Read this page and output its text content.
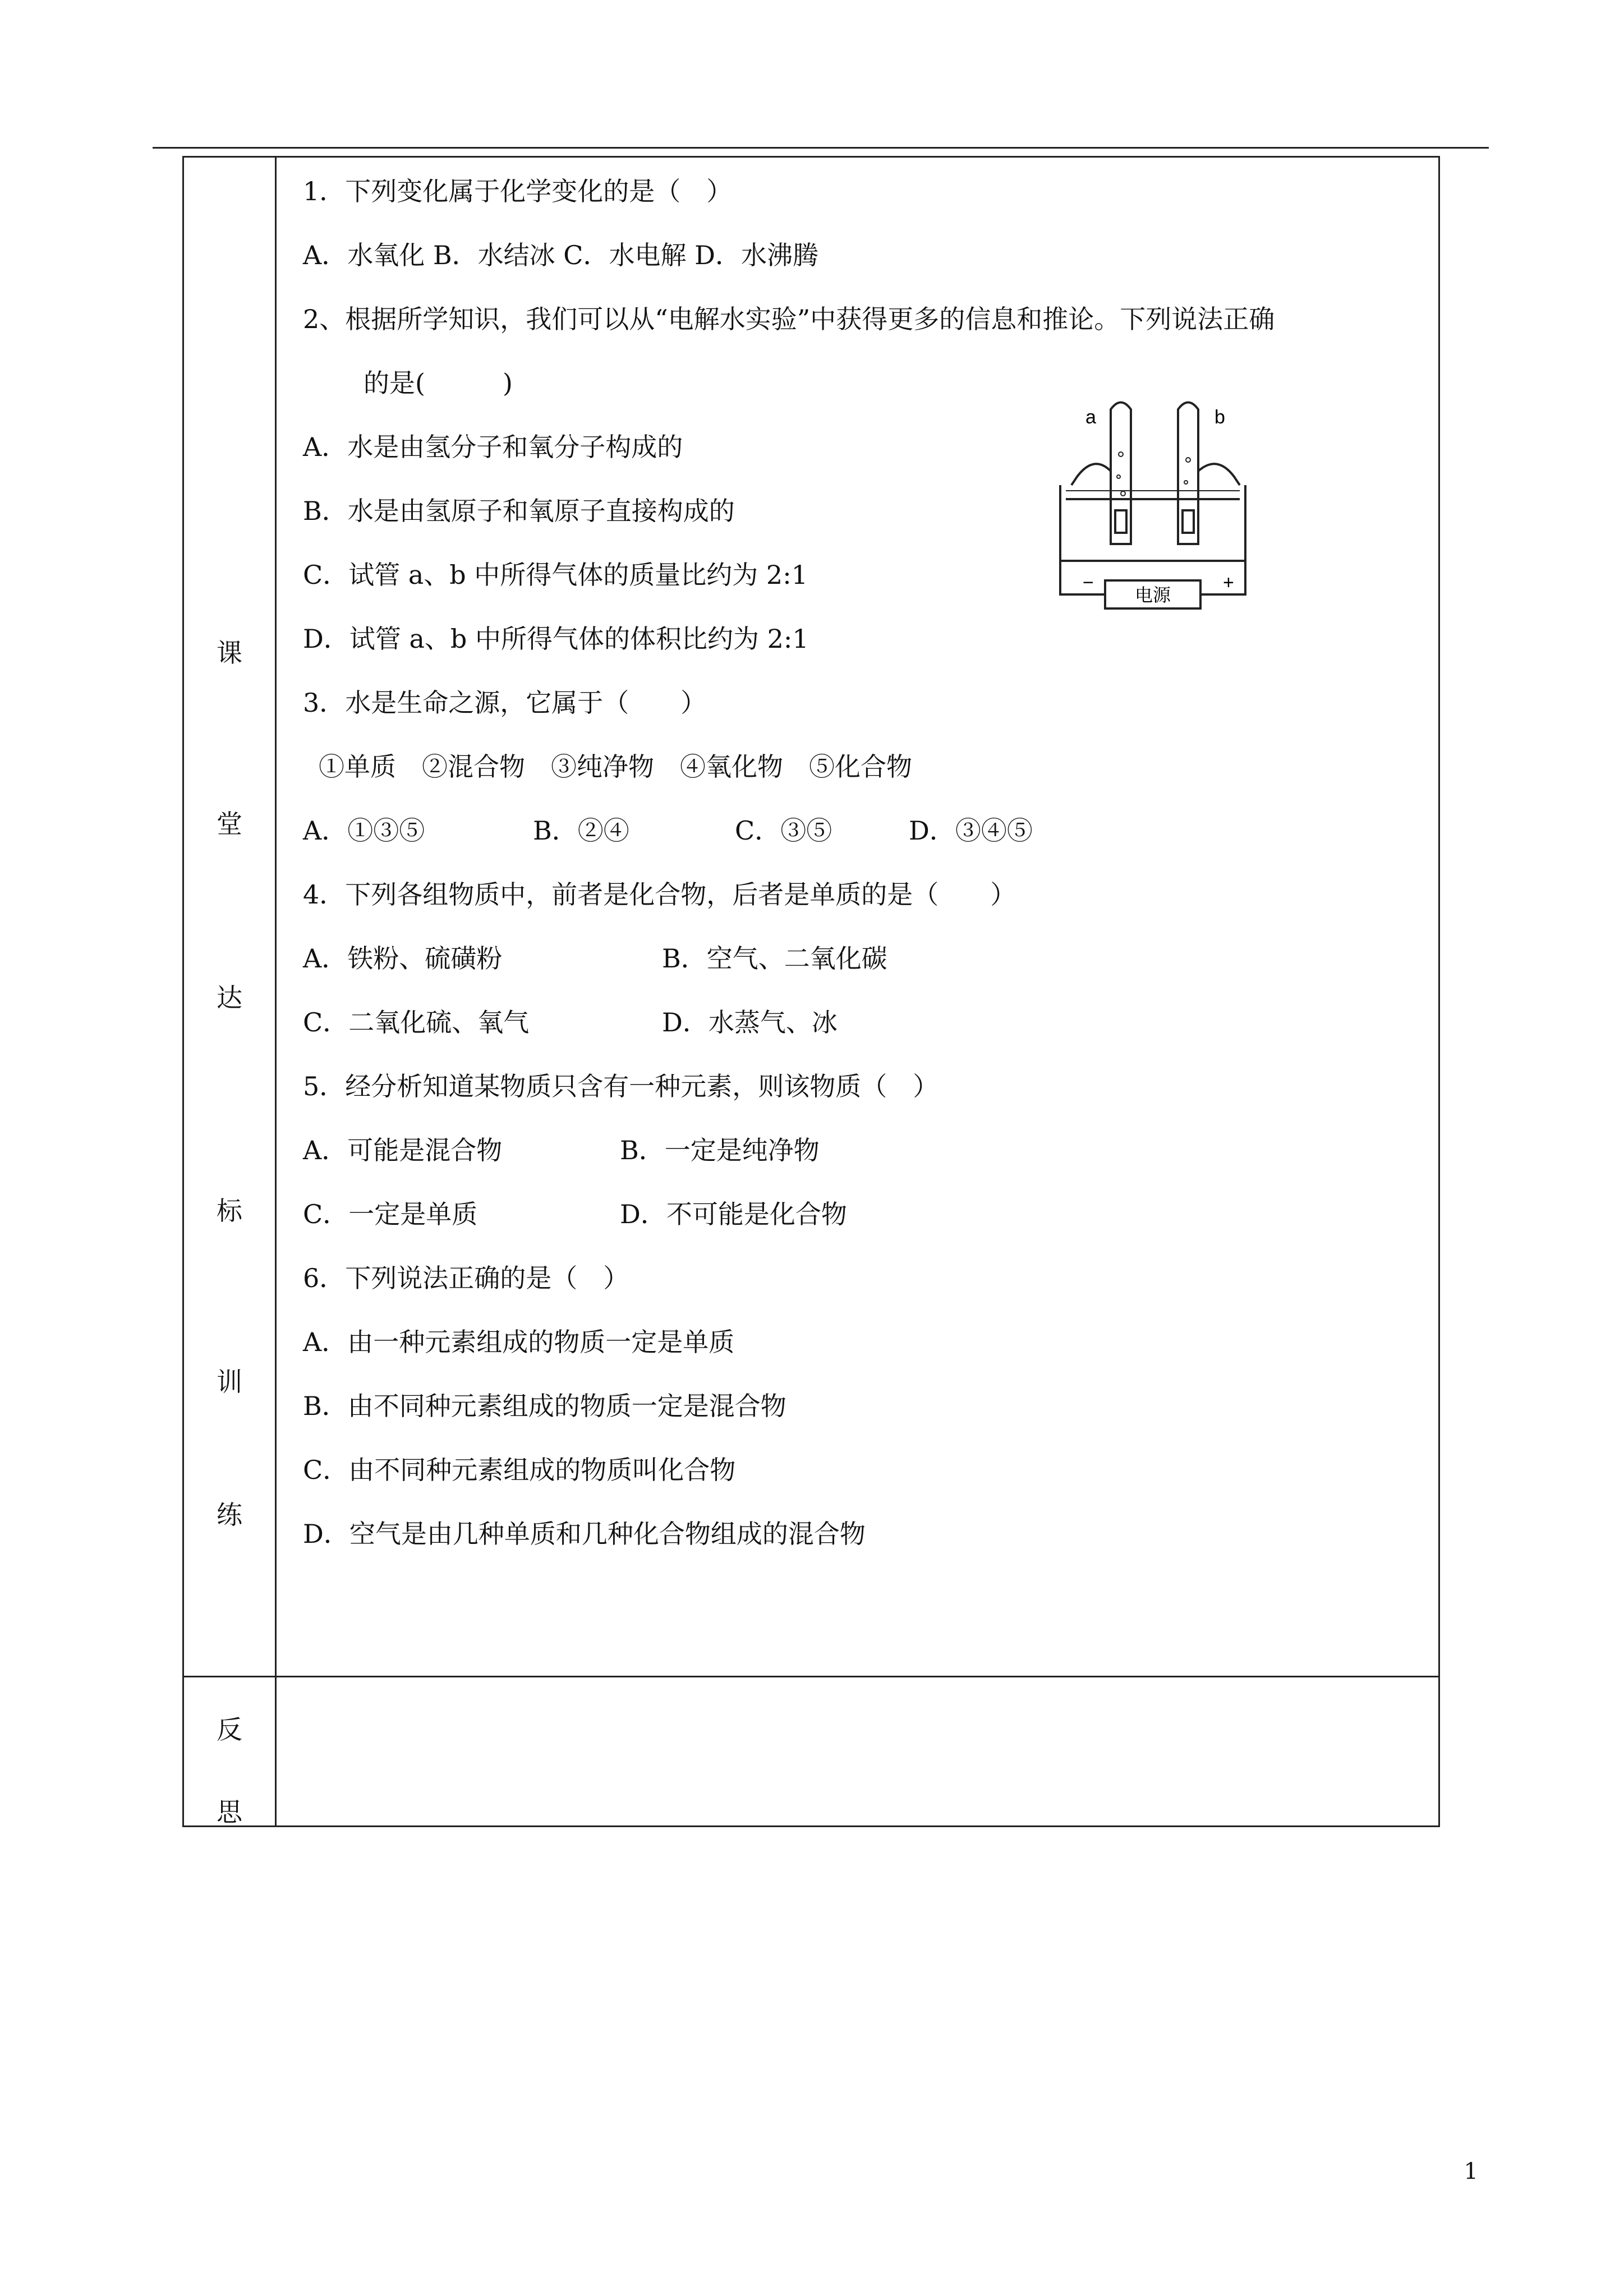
课
堂
达
标
训
练
反
思
1．下列变化属于化学变化的是（　）
A．水氧化 B．水结冰 C．水电解 D．水沸腾
2、根据所学知识，我们可以从“电解水实验”中获得更多的信息和推论。下列说法正确
的是(　　　)
A．水是由氢分子和氧分子构成的
B．水是由氢原子和氧原子直接构成的
C．试管 a、b 中所得气体的质量比约为 2:1
D．试管 a、b 中所得气体的体积比约为 2:1
a	b
−	+
电源
3．水是生命之源，它属于（　　）
①单质　②混合物　③纯净物　④氧化物　⑤化合物
A．①③⑤	B．②④	C．③⑤	D．③④⑤
4．下列各组物质中，前者是化合物，后者是单质的是（　　）
A．铁粉、硫磺粉	B．空气、二氧化碳
C．二氧化硫、氧气	D．水蒸气、冰
5．经分析知道某物质只含有一种元素，则该物质（　）
A．可能是混合物	B．一定是纯净物
C．一定是单质	D．不可能是化合物
6．下列说法正确的是（　）
A．由一种元素组成的物质一定是单质
B．由不同种元素组成的物质一定是混合物
C．由不同种元素组成的物质叫化合物
D．空气是由几种单质和几种化合物组成的混合物
1
